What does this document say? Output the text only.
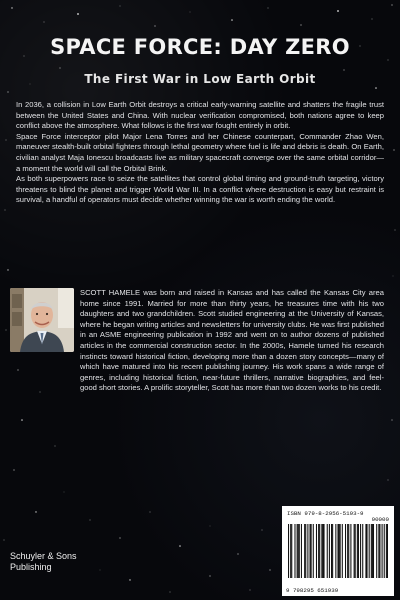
SPACE FORCE: DAY ZERO
The First War in Low Earth Orbit

In 2036, a collision in Low Earth Orbit destroys a critical early-warning satellite and shatters the fragile trust between the United States and China. With nuclear verification compromised, both nations agree to keep conflict above the atmosphere. What follows is the first war fought entirely in orbit.

Space Force interceptor pilot Major Lena Torres and her Chinese counterpart, Commander Zhao Wen, maneuver stealth-built orbital fighters through lethal geometry where fuel is life and debris is death. On Earth, civilian analyst Maja Ionescu broadcasts live as military spacecraft converge over the same orbital corridor—a moment the world will call the Orbital Brink.

As both superpowers race to seize the satellites that control global timing and ground-truth targeting, victory threatens to blind the planet and trigger World War III. In a conflict where destruction is easy but restraint is survival, a handful of operators must decide whether winning the war is worth ending the world.

SCOTT HAMELE was born and raised in Kansas and has called the Kansas City area home since 1991. Married for more than thirty years, he treasures time with his two daughters and two grandchildren. Scott studied engineering at the University of Kansas, where he began writing articles and newsletters for university clubs. He was first published in an ASME engineering publication in 1992 and went on to author dozens of published articles in the commercial construction sector. In the 2000s, Hamele turned his research instincts toward historical fiction, developing more than a dozen story concepts—many of which have matured into his recent publishing journey. His work spans a wide range of genres, including historical fiction, near-future thrillers, narrative biographies, and feel-good short stories. A prolific storyteller, Scott has more than two dozen works to his credit.

Schuyler & Sons
Publishing
ISBN 979-8-2956-5193-9
90000
9 798295 651939
